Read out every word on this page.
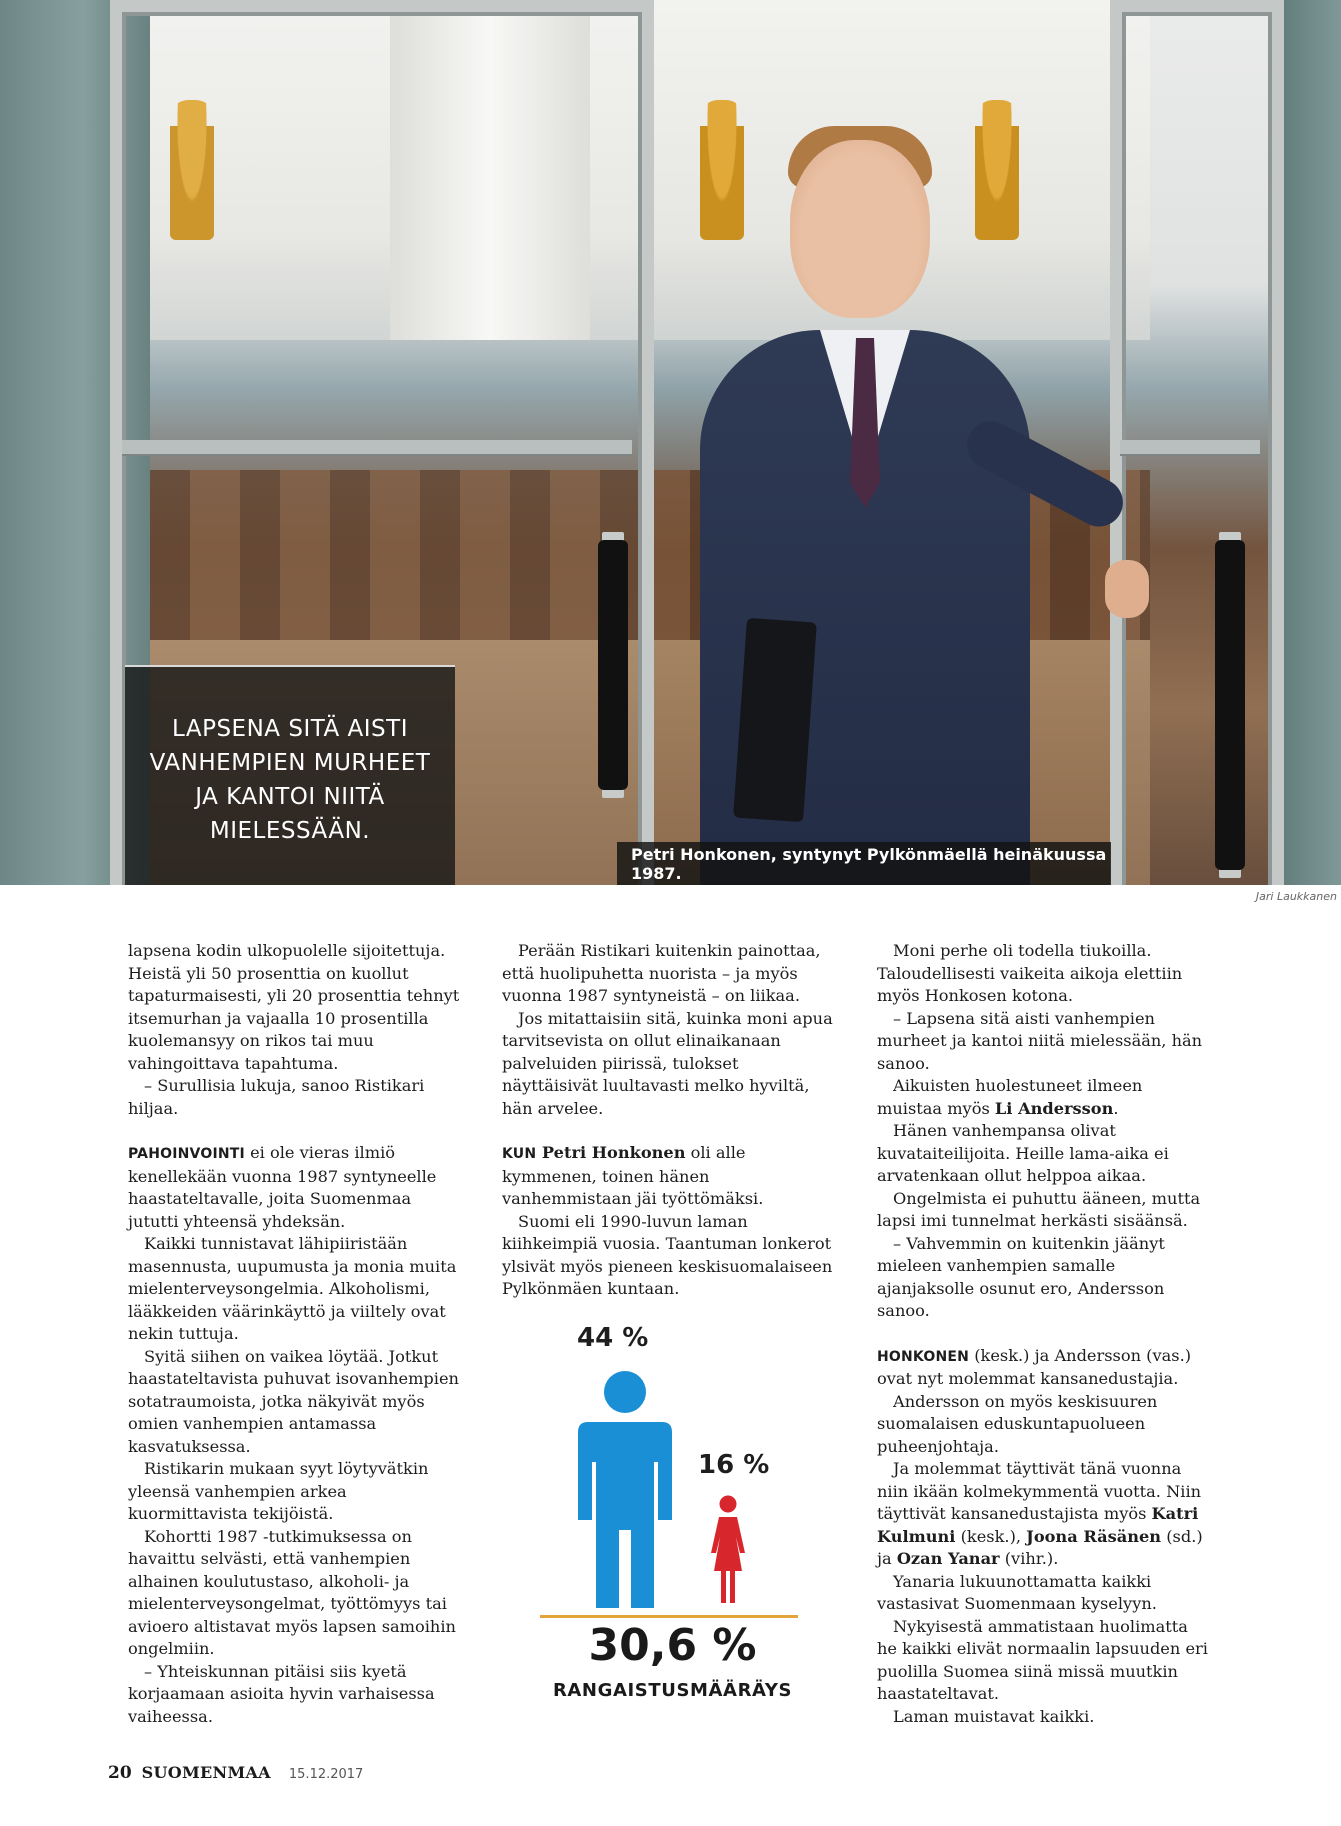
LAPSENA SITÄ AISTI VANHEMPIEN MURHEET JA KANTOI NIITÄ MIELESSÄÄN.
Petri Honkonen, syntynyt Pylkönmäellä heinäkuussa 1987.
Jari Laukkanen

lapsena kodin ulkopuolelle sijoitettuja. Heistä yli 50 prosenttia on kuollut tapaturmaisesti, yli 20 prosenttia tehnyt itsemurhan ja vajaalla 10 prosentilla kuolemansyy on rikos tai muu vahingoittava tapahtuma.

– Surullisia lukuja, sanoo Ristikari hiljaa.

PAHOINVOINTI ei ole vieras ilmiö kenellekään vuonna 1987 syntyneelle haastateltavalle, joita Suomenmaa jututti yhteensä yhdeksän.

Kaikki tunnistavat lähipiiristään masennusta, uupumusta ja monia muita mielenterveysongelmia. Alkoholismi, lääkkeiden väärinkäyttö ja viiltely ovat nekin tuttuja.

Syitä siihen on vaikea löytää. Jotkut haastateltavista puhuvat isovanhempien sotatraumoista, jotka näkyivät myös omien vanhempien antamassa kasvatuksessa.

Ristikarin mukaan syyt löytyvätkin yleensä vanhempien arkea kuormittavista tekijöistä.

Kohortti 1987 -tutkimuksessa on havaittu selvästi, että vanhempien alhainen koulutustaso, alkoholi- ja mielenterveysongelmat, työttömyys tai avioero altistavat myös lapsen samoihin ongelmiin.

– Yhteiskunnan pitäisi siis kyetä korjaamaan asioita hyvin varhaisessa vaiheessa.

Perään Ristikari kuitenkin painottaa, että huolipuhetta nuorista – ja myös vuonna 1987 syntyneistä – on liikaa.

Jos mitattaisiin sitä, kuinka moni apua tarvitsevista on ollut elinaikanaan palveluiden piirissä, tulokset näyttäisivät luultavasti melko hyviltä, hän arvelee.

KUN Petri Honkonen oli alle kymmenen, toinen hänen vanhemmistaan jäi työttömäksi.

Suomi eli 1990-luvun laman kiihkeimpiä vuosia. Taantuman lonkerot ylsivät myös pieneen keskisuomalaiseen Pylkönmäen kuntaan.

44 %
16 %
30,6 %
RANGAISTUSMÄÄRÄYS

Moni perhe oli todella tiukoilla. Taloudellisesti vaikeita aikoja elettiin myös Honkosen kotona.

– Lapsena sitä aisti vanhempien murheet ja kantoi niitä mielessään, hän sanoo.

Aikuisten huolestuneet ilmeen muistaa myös Li Andersson.

Hänen vanhempansa olivat kuvataiteilijoita. Heille lama-aika ei arvatenkaan ollut helppoa aikaa.

Ongelmista ei puhuttu ääneen, mutta lapsi imi tunnelmat herkästi sisäänsä.

– Vahvemmin on kuitenkin jäänyt mieleen vanhempien samalle ajanjaksolle osunut ero, Andersson sanoo.

HONKONEN (kesk.) ja Andersson (vas.) ovat nyt molemmat kansanedustajia.

Andersson on myös keskisuuren suomalaisen eduskuntapuolueen puheenjohtaja.

Ja molemmat täyttivät tänä vuonna niin ikään kolmekymmentä vuotta. Niin täyttivät kansanedustajista myös Katri Kulmuni (kesk.), Joona Räsänen (sd.) ja Ozan Yanar (vihr.).

Yanaria lukuunottamatta kaikki vastasivat Suomenmaan kyselyyn.

Nykyisestä ammatistaan huolimatta he kaikki elivät normaalin lapsuuden eri puolilla Suomea siinä missä muutkin haastateltavat.

Laman muistavat kaikki.

20 SUOMENMAA 15.12.2017
